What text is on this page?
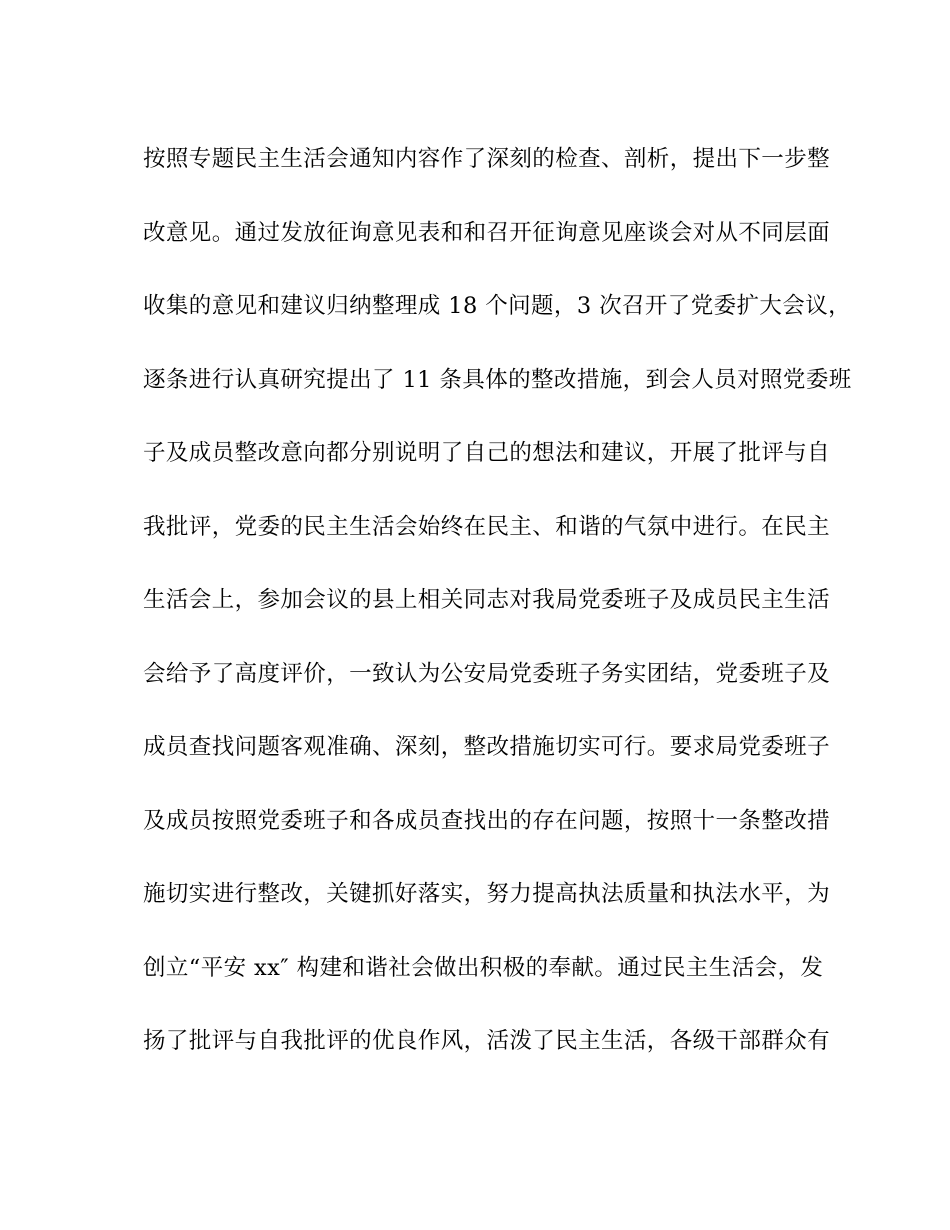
按照专题民主生活会通知内容作了深刻的检查、剖析，提出下一步整
改意见。通过发放征询意见表和和召开征询意见座谈会对从不同层面
收集的意见和建议归纳整理成 18 个问题，3 次召开了党委扩大会议，
逐条进行认真研究提出了 11 条具体的整改措施，到会人员对照党委班
子及成员整改意向都分别说明了自己的想法和建议，开展了批评与自
我批评，党委的民主生活会始终在民主、和谐的气氛中进行。在民主
生活会上，参加会议的县上相关同志对我局党委班子及成员民主生活
会给予了高度评价，一致认为公安局党委班子务实团结，党委班子及
成员查找问题客观准确、深刻，整改措施切实可行。要求局党委班子
及成员按照党委班子和各成员查找出的存在问题，按照十一条整改措
施切实进行整改，关键抓好落实，努力提高执法质量和执法水平，为
创立“平安 xx″ 构建和谐社会做出积极的奉献。通过民主生活会，发
扬了批评与自我批评的优良作风，活泼了民主生活，各级干部群众有
